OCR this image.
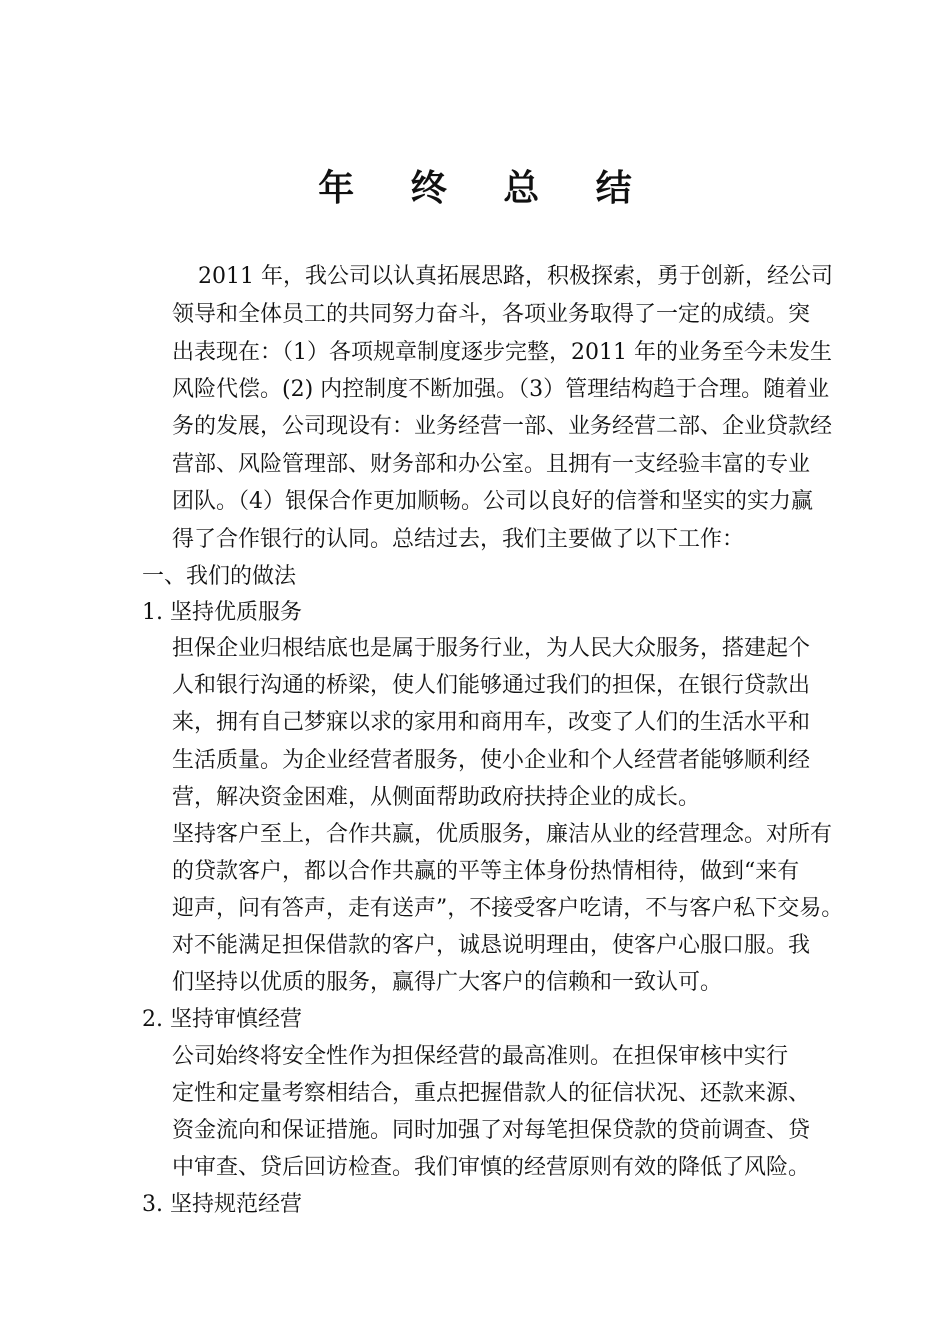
年 终 总 结
2011 年，我公司以认真拓展思路，积极探索，勇于创新，经公司
领导和全体员工的共同努力奋斗，各项业务取得了一定的成绩。突
出表现在：（1）各项规章制度逐步完整，2011 年的业务至今未发生
风险代偿。(2) 内控制度不断加强。（3）管理结构趋于合理。随着业
务的发展，公司现设有：业务经营一部、业务经营二部、企业贷款经
营部、风险管理部、财务部和办公室。且拥有一支经验丰富的专业
团队。（4）银保合作更加顺畅。公司以良好的信誉和坚实的实力赢
得了合作银行的认同。总结过去，我们主要做了以下工作：
一、我们的做法
1. 坚持优质服务
担保企业归根结底也是属于服务行业，为人民大众服务，搭建起个
人和银行沟通的桥梁，使人们能够通过我们的担保，在银行贷款出
来，拥有自己梦寐以求的家用和商用车，改变了人们的生活水平和
生活质量。为企业经营者服务，使小企业和个人经营者能够顺利经
营，解决资金困难，从侧面帮助政府扶持企业的成长。
坚持客户至上，合作共赢，优质服务，廉洁从业的经营理念。对所有
的贷款客户，都以合作共赢的平等主体身份热情相待，做到“来有
迎声，问有答声，走有送声”，不接受客户吃请，不与客户私下交易。
对不能满足担保借款的客户，诚恳说明理由，使客户心服口服。我
们坚持以优质的服务，赢得广大客户的信赖和一致认可。
2. 坚持审慎经营
公司始终将安全性作为担保经营的最高准则。在担保审核中实行
定性和定量考察相结合，重点把握借款人的征信状况、还款来源、
资金流向和保证措施。同时加强了对每笔担保贷款的贷前调查、贷
中审查、贷后回访检查。我们审慎的经营原则有效的降低了风险。
3. 坚持规范经营
